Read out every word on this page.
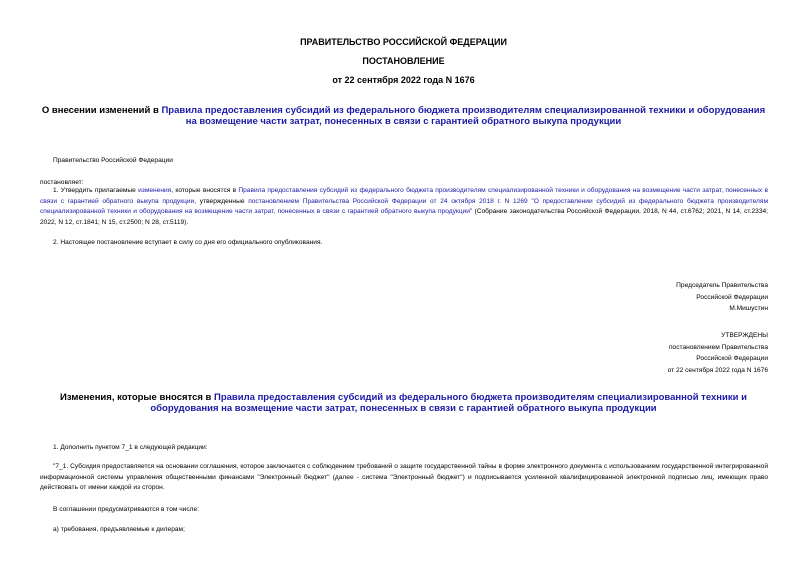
ПРАВИТЕЛЬСТВО РОССИЙСКОЙ ФЕДЕРАЦИИ
ПОСТАНОВЛЕНИЕ
от 22 сентября 2022 года N 1676
О внесении изменений в Правила предоставления субсидий из федерального бюджета производителям специализированной техники и оборудования на возмещение части затрат, понесенных в связи с гарантией обратного выкупа продукции
Правительство Российской Федерации
постановляет:
1. Утвердить прилагаемые изменения, которые вносятся в Правила предоставления субсидий из федерального бюджета производителям специализированной техники и оборудования на возмещение части затрат, понесенных в связи с гарантией обратного выкупа продукции, утвержденные постановлением Правительства Российской Федерации от 24 октября 2018 г. N 1269 "О предоставлении субсидий из федерального бюджета производителям специализированной техники и оборудования на возмещение части затрат, понесенных в связи с гарантией обратного выкупа продукции" (Собрание законодательства Российской Федерации, 2018, N 44, ст.6762; 2021, N 14, ст.2334; 2022, N 12, ст.1841; N 15, ст.2500; N 28, ст.5119).
2. Настоящее постановление вступает в силу со дня его официального опубликования.
Председатель Правительства
Российской Федерации
М.Мишустин
УТВЕРЖДЕНЫ
постановлением Правительства
Российской Федерации
от 22 сентября 2022 года N 1676
Изменения, которые вносятся в Правила предоставления субсидий из федерального бюджета производителям специализированной техники и оборудования на возмещение части затрат, понесенных в связи с гарантией обратного выкупа продукции
1. Дополнить пунктом 7_1 в следующей редакции:
"7_1. Субсидия предоставляется на основании соглашения, которое заключается с соблюдением требований о защите государственной тайны в форме электронного документа с использованием государственной интегрированной информационной системы управления общественными финансами "Электронный бюджет" (далее - система "Электронный бюджет") и подписывается усиленной квалифицированной электронной подписью лиц, имеющих право действовать от имени каждой из сторон.
В соглашении предусматриваются в том числе:
а) требования, предъявляемые к дилерам;
